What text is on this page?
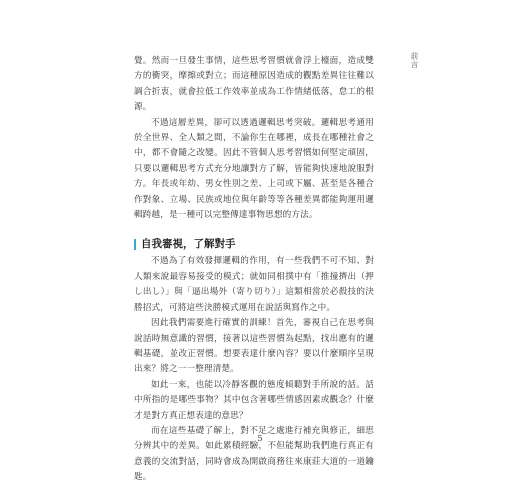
前言

覺。然而一旦發生事情，這些思考習慣就會浮上檯面，造成雙方的衝突，摩擦或對立；而這種原因造成的觀點差異往往難以調合折衷，就會拉低工作效率並成為工作情緒低落，怠工的根源。

不過這層差異，卻可以透過邏輯思考突破。邏輯思考通用於全世界、全人類之間，不論你生在哪裡，成長在哪種社會之中，都不會隨之改變。因此不管個人思考習慣如何堅定頑固，只要以邏輯思考方式充分地讓對方了解，皆能夠快速地說服對方。年長或年幼、男女性別之差、上司或下屬、甚至是各種合作對象、立場、民族或地位與年齡等等各種差異都能夠運用邏輯跨越，是一種可以完整傳達事物思想的方法。

自我審視，了解對手

不過為了有效發揮邏輯的作用，有一些我們不可不知、對人類來說最容易接受的模式；就如同相撲中有「推撞擠出（押し出し）」與「逼出場外（寄り切り）」這類相當於必殺技的決勝招式，可將這些決勝模式運用在說話與寫作之中。

因此我們需要進行確實的訓練！首先，審視自己在思考與說話時無意識的習慣，接著以這些習慣為起點，找出應有的邏輯基礎，並改正習慣。想要表達什麼內容？要以什麼順序呈現出來？將之一一整理清楚。

如此一來，也能以冷靜客觀的態度傾聽對手所說的話。話中所指的是哪些事物？其中包含著哪些情感因素或觀念？什麼才是對方真正想表達的意思？

而在這些基礎了解上，對不足之處進行補充與修正，細思分辨其中的差異。如此累積經驗，不但能幫助我們進行真正有意義的交流對話，同時會成為開啟商務往來康莊大道的一道鑰匙。

5
